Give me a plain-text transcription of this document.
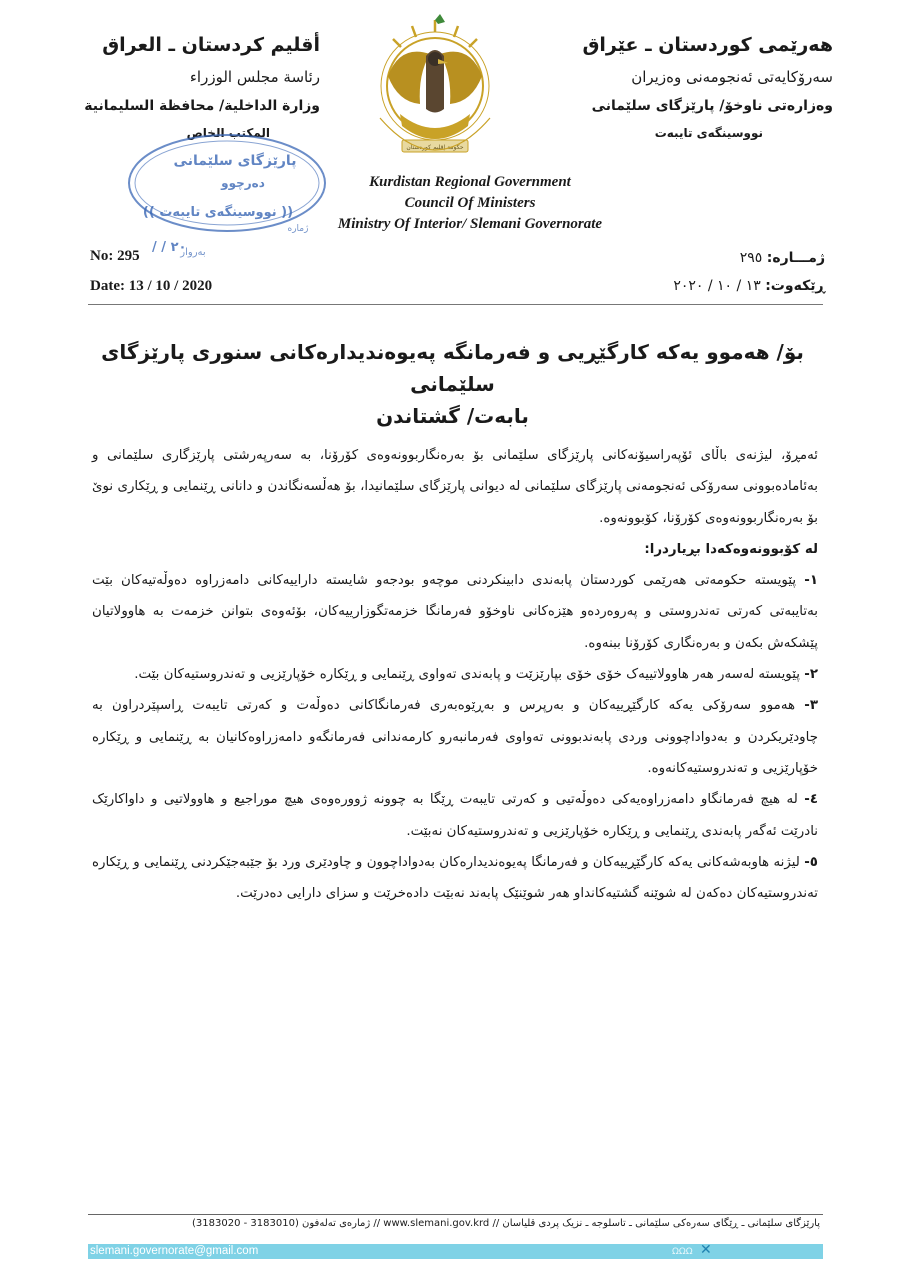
أقليم كردستان ـ العراق
رئاسة مجلس الوزراء
وزارة الداخلية/ محافظة السليمانية
المكتب الخاص
هەرێمی کوردستان ـ عێراق
سەرۆکایەتی ئەنجومەنی وەزیران
وەزارەتی ناوخۆ/ پارێزگای سلێمانی
نووسینگەی تایبەت
حكومة إقليم كوردستان
Kurdistan Regional Government
Council Of Ministers
Ministry Of Interior/ Slemani Governorate
پارێزگای سلێمانی
دەرچوو
(( نووسینگەی تایبەت ))
ژمارە
بەروار
/ / ٢٠
No: 295
Date: 13 / 10 / 2020
ژمـــارە: ٢٩٥
ڕێکەوت: ١٣ / ١٠ / ٢٠٢٠
بۆ/ هەموو یەکە کارگێڕیی و فەرمانگە پەیوەندیدارەکانی سنوری پارێزگای سلێمانی
بابەت/ گشتاندن

ئەمڕۆ، لیژنەی باڵای ئۆپەراسیۆنەکانی پارێزگای سلێمانی بۆ بەرەنگاربوونەوەی کۆرۆنا، بە سەرپەرشتی پارێزگاری سلێمانی و بەئامادەبوونی سەرۆکی ئەنجومەنی پارێزگای سلێمانی لە دیوانی پارێزگای سلێمانیدا، بۆ هەڵسەنگاندن و دانانی ڕێنمایی و ڕێکاری نوێ بۆ بەرەنگاربوونەوەی کۆرۆنا، کۆبوونەوە.

لە کۆبوونەوەکەدا بڕیاردرا:

١- پێویستە حکومەتی هەرێمی کوردستان پابەندی دابینکردنی موچەو بودجەو شایستە داراییەکانی دامەزراوە دەوڵەتیەکان بێت بەتایبەتی کەرتی تەندروستی و پەروەردەو هێزەکانی ناوخۆو فەرمانگا خزمەتگوزارییەکان، بۆئەوەی بتوانن خزمەت بە هاوولاتیان پێشکەش بکەن و بەرەنگاری کۆرۆنا ببنەوە.

٢- پێویستە لەسەر هەر هاوولاتییەک خۆی خۆی بپارێزێت و پابەندی تەواوی ڕێنمایی و ڕێکارە خۆپارێزیی و تەندروستیەکان بێت.

٣- هەموو سەرۆکی یەکە کارگێڕییەکان و بەرپرس و بەڕێوەبەری فەرمانگاکانی دەوڵەت و کەرتی تایبەت ڕاسپێردراون بە چاودێریکردن و بەدواداچوونی وردی پابەندبوونی تەواوی فەرمانبەرو کارمەندانی فەرمانگەو دامەزراوەکانیان بە ڕێنمایی و ڕێکارە خۆپارێزیی و تەندروستیەکانەوە.

٤- لە هیچ فەرمانگاو دامەزراوەیەکی دەوڵەتیی و کەرتی تایبەت ڕێگا بە چوونە ژوورەوەی هیچ موراجیع و هاوولاتیی و داواکارێک نادرێت ئەگەر پابەندی ڕێنمایی و ڕێکارە خۆپارێزیی و تەندروستیەکان نەبێت.

٥- لیژنە هاوبەشەکانی یەکە کارگێڕییەکان و فەرمانگا پەیوەندیدارەکان بەدواداچوون و چاودێری ورد بۆ جێبەجێکردنی ڕێنمایی و ڕێکارە تەندروستیەکان دەکەن لە شوێنە گشتیەکانداو هەر شوێنێک پابەند نەبێت دادەخرێت و سزای دارایی دەدرێت.

پارێزگای سلێمانی ـ ڕێگای سەرەکی سلێمانی ـ تاسلوجە ـ نزیک پردی قلیاسان // www.slemani.gov.krd // ژمارەی تەلەفون (3183010 - 3183020)
slemani.governorate@gmail.com	ΩΩΩ ✕
